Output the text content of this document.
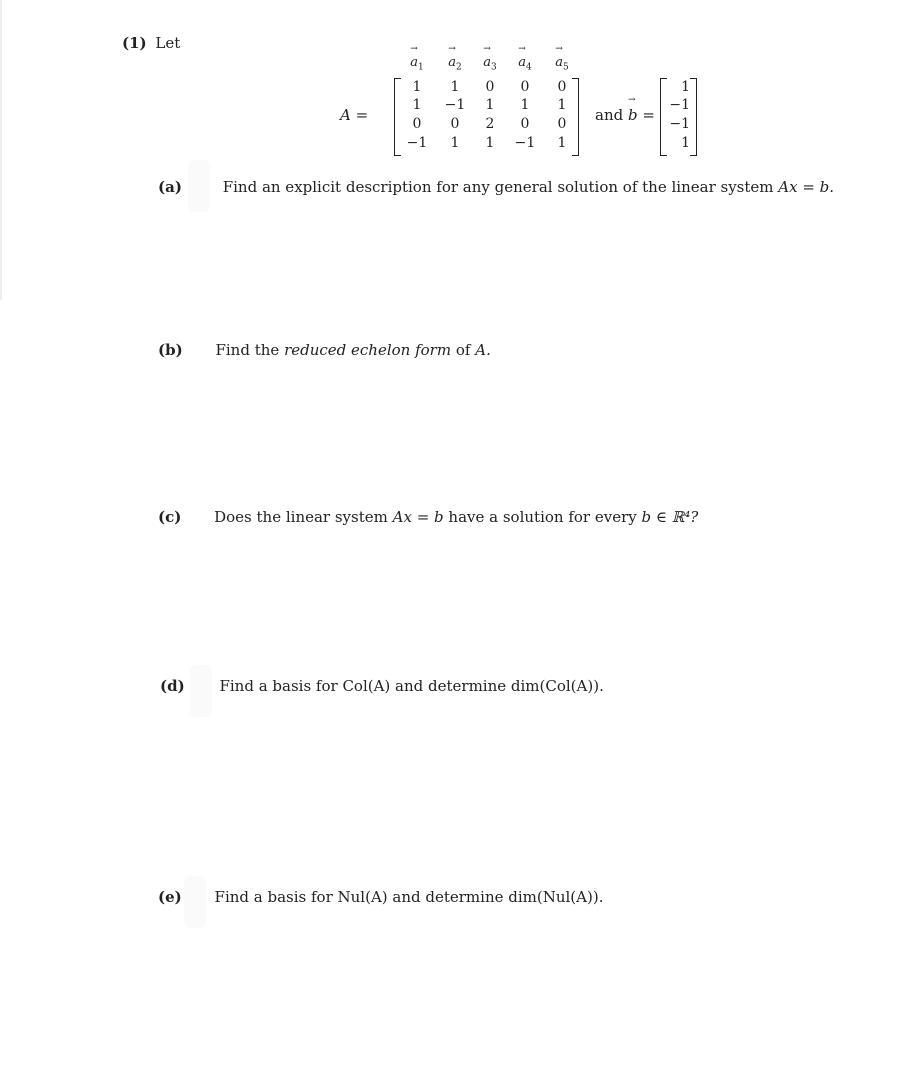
(1) Let
A =
→ $a_1$	→ $a_2$	→ $a_3$	→ $a_4$	→ $a_5$
1	1	0	0	0
1	−1	1	1	1
0	0	2	0	0
−1	1	1	−1	1
and → b =
1
−1
−1
1
(a)	Find an explicit description for any general solution of the linear system Ax = b.
(b) Find the reduced echelon form of A.
(c) Does the linear system Ax = b have a solution for every b ∈ ℝ⁴?
(d) Find a basis for Col(A) and determine dim(Col(A)).
(e) Find a basis for Nul(A) and determine dim(Nul(A)).
